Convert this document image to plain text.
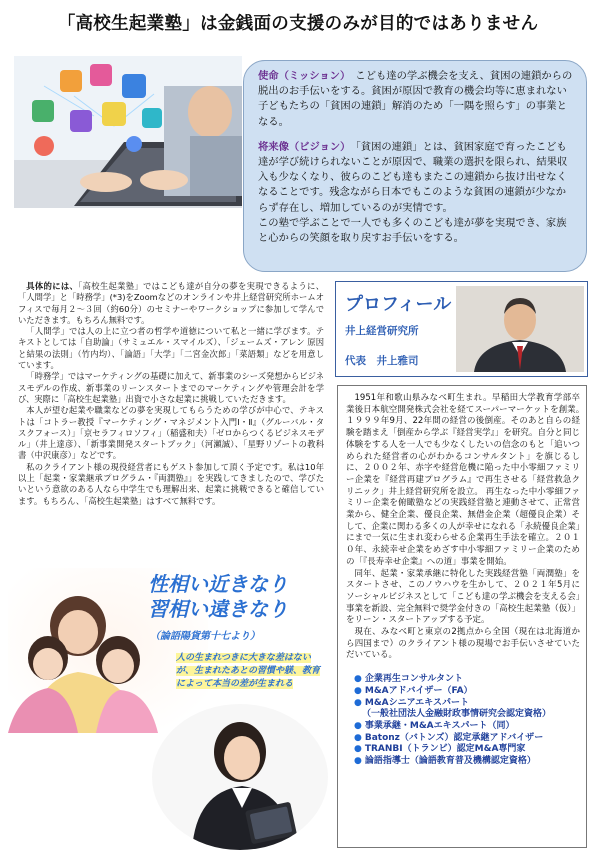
「高校生起業塾」は金銭面の支援のみが目的ではありません

使命（ミッション）　こども達の学ぶ機会を支え、貧困の連鎖からの脱出のお手伝いをする。貧困が原因で教育の機会均等に恵まれない子どもたちの「貧困の連鎖」解消のため「一隅を照らす」の事業となる。

将来像（ビジョン）　「貧困の連鎖」とは、貧困家庭で育ったこども達が学び続けられないことが原因で、職業の選択を限られ、結果収入も少なくなり、彼らのこども達もまたこの連鎖から抜け出せなくなることです。残念ながら日本でもこのような貧困の連鎖が少なからず存在し、増加しているのが実情です。

この塾で学ぶことで一人でも多くのこども達が夢を実現でき、家族と心からの笑顔を取り戻すお手伝いをする。

具体的には、「高校生起業塾」ではこども達が自分の夢を実現できるように、「人間学」と「時務学」(*3)をZoomなどのオンラインや井上経営研究所ホームオフィスで毎月２〜３回（約60分）のセミナーやワークショップに参加して学んでいただきます。もちろん無料です。

「人間学」では人の上に立つ者の哲学や道徳について私と一緒に学びます。テキストとしては「自助論」（サミュエル・スマイルズ）、「ジェームズ・アレン 原因と結果の法則」（竹内均）、「論語」「大学」「二宮金次郎」「菜語類」などを用意しています。

「時務学」ではマーケティングの基礎に加えて、新事業のシーズ発想からビジネスモデルの作成、新事業のリーンスタートまでのマーケティングや管理会計を学び、実際に「高校生起業塾」出資で小さな起業に挑戦していただきます。

本人が望む起業や職業などの夢を実現してもらうための学びが中心で、テキストは「コトラー教授『マーケティング・マネジメント入門Ⅰ・Ⅱ』（グルーバル・タスクフォース）」「京セラフィロソフィ」（稲盛和夫）「ゼロからつくるビジネスモデル」（井上達彦）、「新事業開発スタートブック」（河瀬誠）、「星野リゾートの教科書（中沢康彦）」などです。

私のクライアント様の現役経営者にもゲスト参加して頂く予定です。私は10年以上「起業・家業継承プログラム・『両潤塾』」を実践してきましたので、学びたいという意欲のある人なら中学生でも理解出来、起業に挑戦できると確信しています。もちろん、「高校生起業塾」はすべて無料です。

プロフィール
井上経営研究所
代表　井上雅司

1951年和歌山県みなべ町生まれ。早稲田大学教育学部卒業後日本航空開発株式会社を経てスーパーマーケットを創業。　１９９９年9月、22年間の経営の後倒産。そのあと自らの経験を踏まえ「倒産から学ぶ『経営実学』」を研究。自分と同じ体験をする人を一人でも少なくしたいの信念のもと「追いつめられた経営者の心がわかるコンサルタント」を旗じるしに、２００２年、赤字や経営危機に陥った中小零細ファミリー企業を『経営再建プログラム』で再生させる「経営救急クリニック」井上経営研究所を設立。 再生なった中小零細ファミリー企業を俯瞰塾などの実践経営塾と連動させて、正常営業から、健全企業、優良企業、無借金企業（超優良企業）そして、企業に関わる多くの人が幸せになれる「永続優良企業」にまで一気に生まれ変わらせる企業再生手法を確立。２０１０年、永続幸せ企業をめざす中小零細ファミリー企業のための「『長寿幸せ企業』への道」事業を開始。

同年、起業・家業承継に特化した実践経営塾「両潤塾」をスタートさせ、このノウハウを生かして、２０２１年5月にソーシャルビジネスとして「こども達の学ぶ機会を支える会」事業を新設、完全無料で奨学金付きの「高校生起業塾（仮）」をリーン・スタートアップする予定。

現在、みなべ町と東京の2拠点から全国（現在は北海道から四国まで）のクライアント様の現場でお手伝いさせていただいている。

● 企業再生コンサルタント
● M&Aアドバイザー（FA）
● M&Aシニアエキスパート
（一般社団法人金融財政事情研究会認定資格）
● 事業承継・M&Aエキスパート（同）
● Batonz（バトンズ）認定承継アドバイザー
● TRANBI（トランビ）認定M&A専門家
● 論語指導士（論語教育普及機構認定資格）
性相い近きなり
習相い遠きなり
（論語陽貨第十七より）
人の生まれつきに大きな差はないが、生まれたあとの習慣や躾、教育によって本当の差が生まれる
